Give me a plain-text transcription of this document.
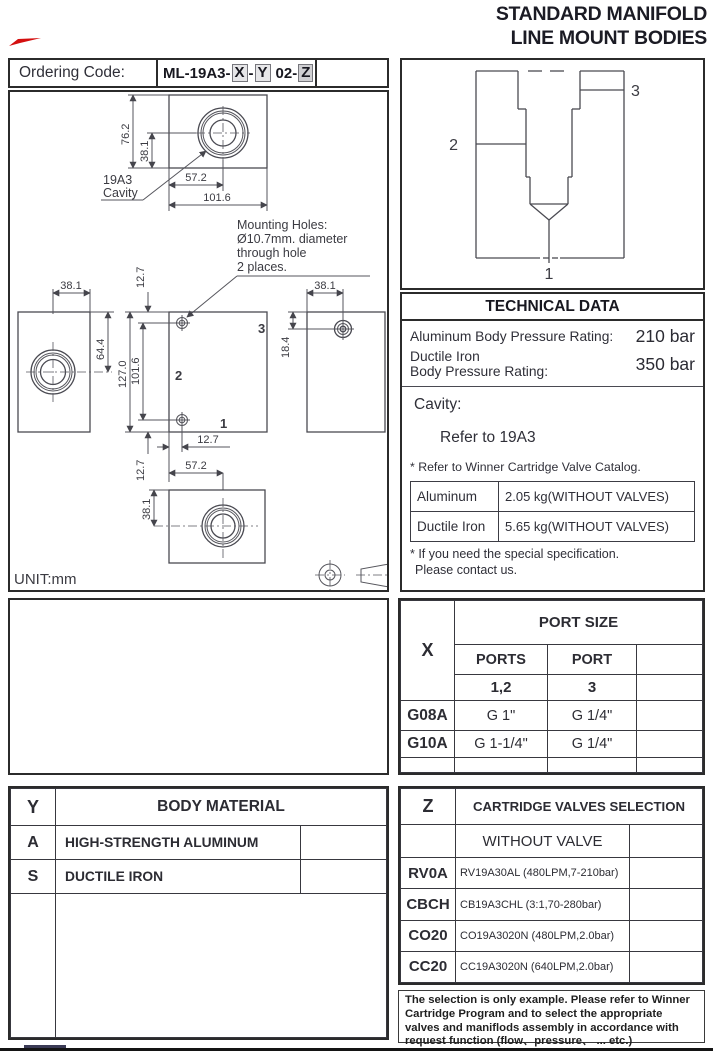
STANDARD MANIFOLD
LINE MOUNT BODIES
Ordering Code:	ML-19A3- X - Y 02- Z
76.2
38.1
57.2
101.6
19A3
Cavity
Mounting Holes:
Ø10.7mm. diameter
through hole
2 places.
38.1
64.4
3
2
1
127.0 101.6
12.7
12.7
12.7
57.2
38.1
18.4
38.1
UNIT:mm
3
2
1
TECHNICAL DATA
Aluminum Body Pressure Rating: 210 bar
Ductile Iron
Body Pressure Rating:	350 bar
Cavity:
Refer to 19A3
* Refer to Winner Cartridge Valve Catalog.
Aluminum	2.05 kg(WITHOUT VALVES)
Ductile Iron	5.65 kg(WITHOUT VALVES)
* If you need the special specification.
Please contact us.
X	PORT SIZE		
	PORTS	PORT	
	1,2	3	
G08A	G 1"	G 1/4"	
G10A	G 1-1/4"	G 1/4"	

Y	BODY MATERIAL	
A	HIGH-STRENGTH ALUMINUM	
S	DUCTILE IRON	

Z	CARTRIDGE VALVES SELECTION	
	WITHOUT VALVE	
RV0A	RV19A30AL (480LPM,7-210bar)	
CBCH	CB19A3CHL (3:1,70-280bar)	
CO20	CO19A3020N (480LPM,2.0bar)	
CC20	CC19A3020N (640LPM,2.0bar)	
The selection is only example. Please refer to Winner Cartridge Program and to select the appropriate valves and maniflods assembly in accordance with request function (flow、pressure、 ... etc.)
